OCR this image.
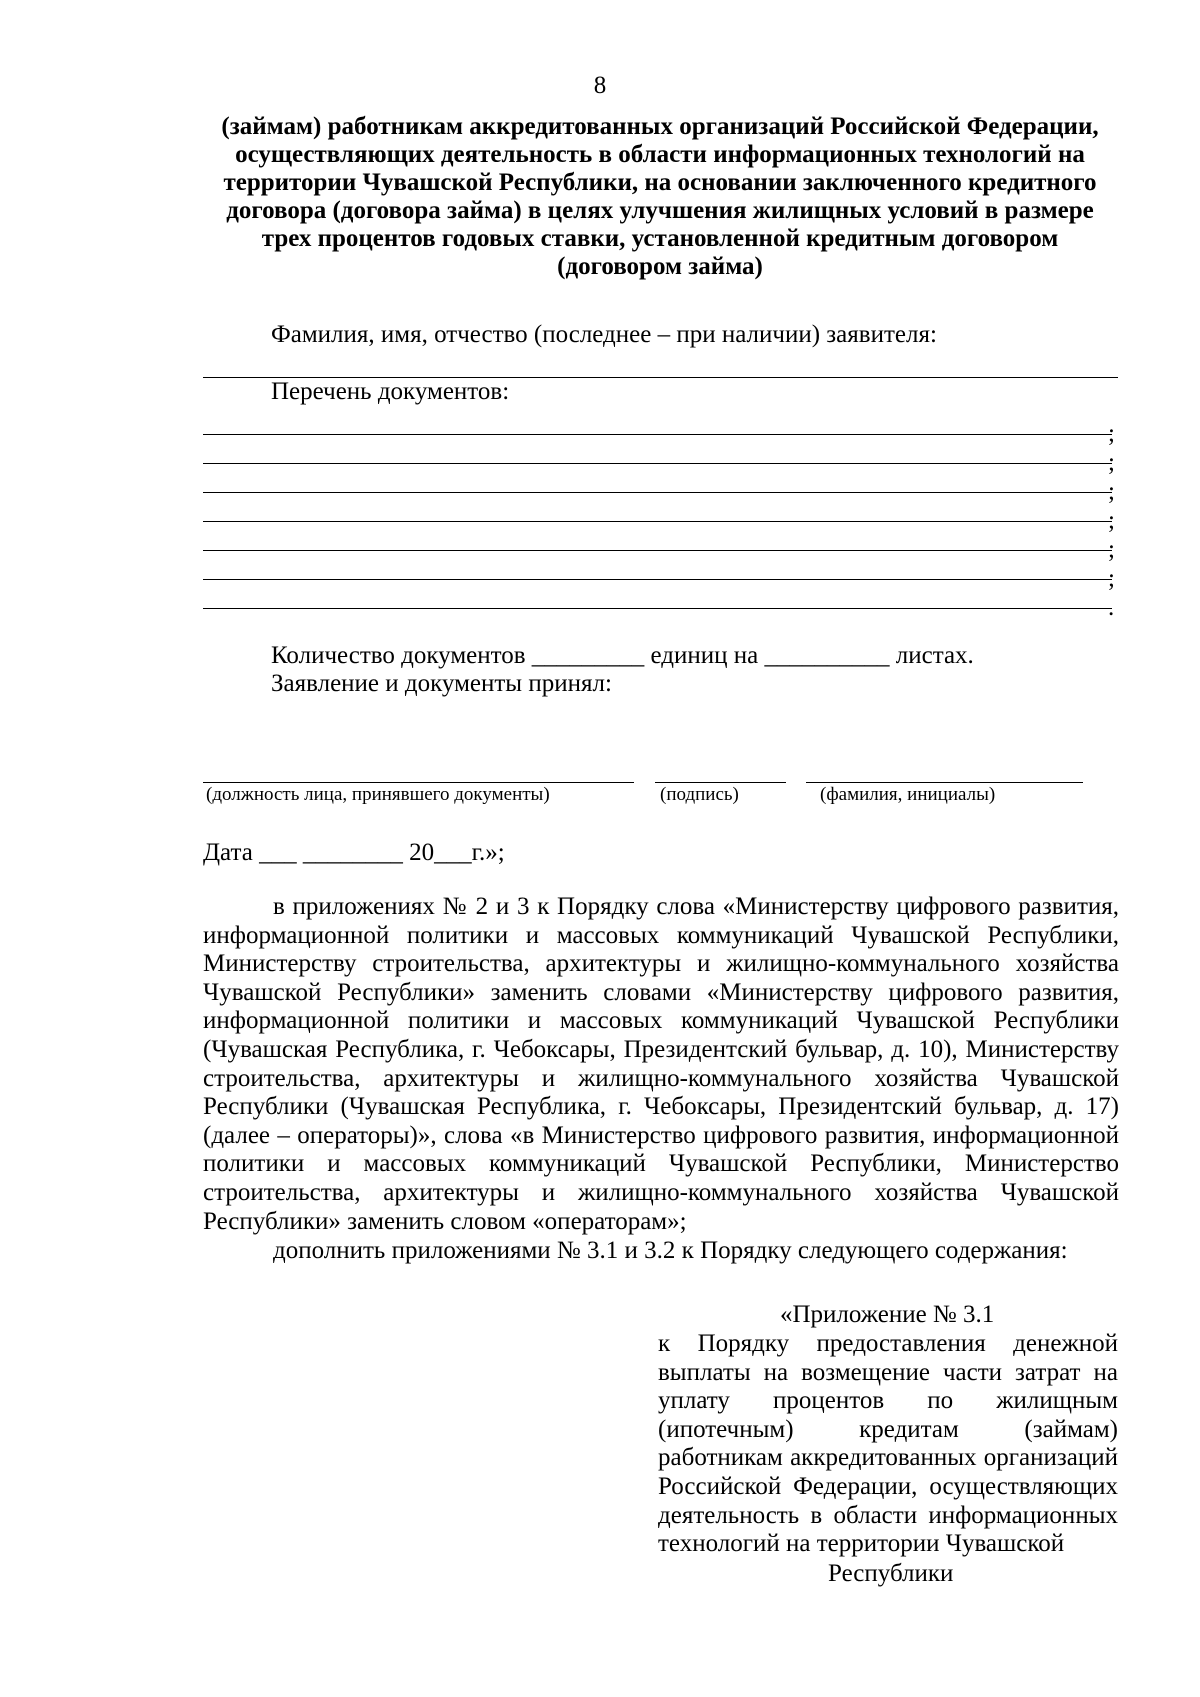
8
(займам) работникам аккредитованных организаций Российской Федерации, осуществляющих деятельность в области информационных технологий на территории Чувашской Республики, на основании заключенного кредитного договора (договора займа) в целях улучшения жилищных условий в размере трех процентов годовых ставки, установленной кредитным договором (договором займа)
Фамилия, имя, отчество (последнее – при наличии) заявителя:
Перечень документов:
;
;
;
;
;
;
.
Количество документов _________ единиц на __________ листах.
Заявление и документы принял:
(должность лица, принявшего документы)	(подпись)	(фамилия, инициалы)
Дата ___ ________ 20___г.»;
в приложениях № 2 и 3 к Порядку слова «Министерству цифрового развития, информационной политики и массовых коммуникаций Чувашской Республики, Министерству строительства, архитектуры и жилищно-коммунального хозяйства Чувашской Республики» заменить словами «Министерству цифрового развития, информационной политики и массовых коммуникаций Чувашской Республики (Чувашская Республика, г. Чебоксары, Президентский бульвар, д. 10), Министерству строительства, архитектуры и жилищно-коммунального хозяйства Чувашской Республики (Чувашская Республика, г. Чебоксары, Президентский бульвар, д. 17) (далее – операторы)», слова «в Министерство цифрового развития, информационной политики и массовых коммуникаций Чувашской Республики, Министерство строительства, архитектуры и жилищно-коммунального хозяйства Чувашской Республики» заменить словом «операторам»;
дополнить приложениями № 3.1 и 3.2 к Порядку следующего содержания:
«Приложение № 3.1
к Порядку предоставления денежной выплаты на возмещение части затрат на уплату процентов по жилищным (ипотечным) кредитам (займам) работникам аккредитованных организаций Российской Федерации, осуществляющих деятельность в области информационных технологий на территории Чувашской
Республики
